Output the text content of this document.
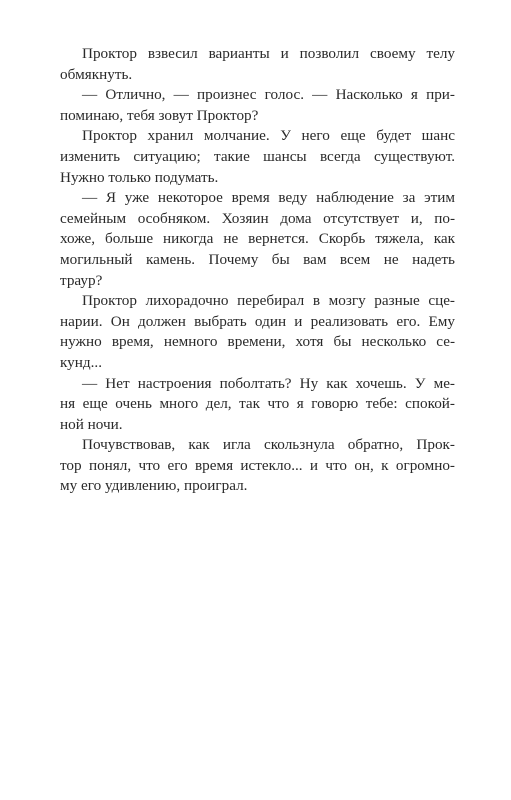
Проктор взвесил варианты и позволил своему телу
обмякнуть.
— Отлично, — произнес голос. — Насколько я при-
поминаю, тебя зовут Проктор?
Проктор хранил молчание. У него еще будет шанс
изменить ситуацию; такие шансы всегда существуют.
Нужно только подумать.
— Я уже некоторое время веду наблюдение за этим
семейным особняком. Хозяин дома отсутствует и, по-
хоже, больше никогда не вернется. Скорбь тяжела, как
могильный камень. Почему бы вам всем не надеть
траур?
Проктор лихорадочно перебирал в мозгу разные сце-
нарии. Он должен выбрать один и реализовать его. Ему
нужно время, немного времени, хотя бы несколько се-
кунд...
— Нет настроения поболтать? Ну как хочешь. У ме-
ня еще очень много дел, так что я говорю тебе: спокой-
ной ночи.
Почувствовав, как игла скользнула обратно, Прок-
тор понял, что его время истекло... и что он, к огромно-
му его удивлению, проиграл.
